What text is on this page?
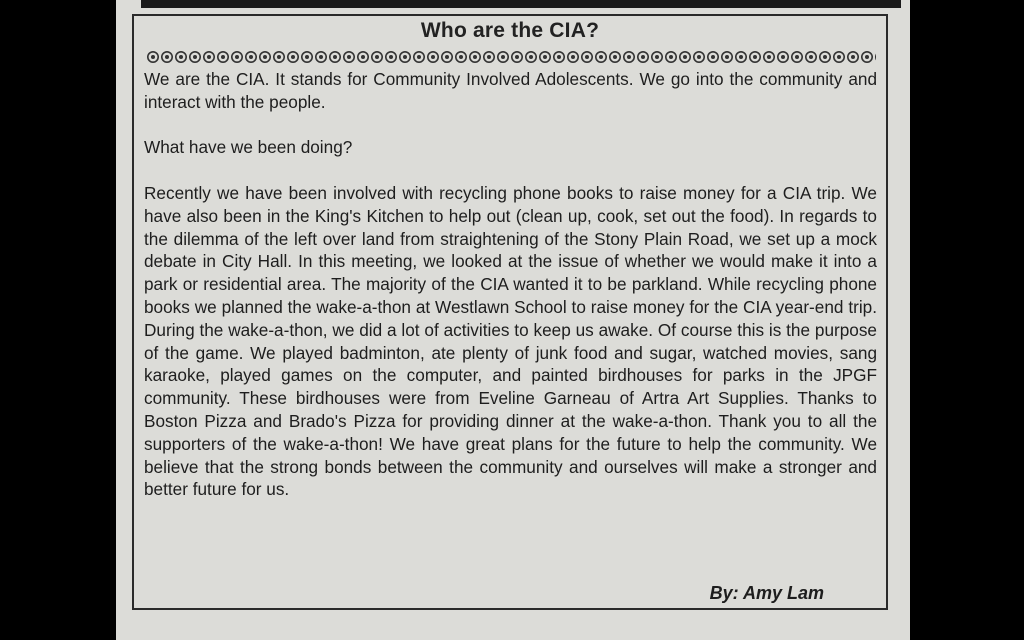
Who are the CIA?

We are the CIA. It stands for Community Involved Adolescents. We go into the community and interact with the people.

What have we been doing?

Recently we have been involved with recycling phone books to raise money for a CIA trip. We have also been in the King's Kitchen to help out (clean up, cook, set out the food). In regards to the dilemma of the left over land from straightening of the Stony Plain Road, we set up a mock debate in City Hall. In this meeting, we looked at the issue of whether we would make it into a park or residential area. The majority of the CIA wanted it to be parkland. While recycling phone books we planned the wake-a-thon at Westlawn School to raise money for the CIA year-end trip. During the wake-a-thon, we did a lot of activities to keep us awake. Of course this is the purpose of the game. We played badminton, ate plenty of junk food and sugar, watched movies, sang karaoke, played games on the computer, and painted birdhouses for parks in the JPGF community. These birdhouses were from Eveline Garneau of Artra Art Supplies. Thanks to Boston Pizza and Brado's Pizza for providing dinner at the wake-a-thon. Thank you to all the supporters of the wake-a-thon! We have great plans for the future to help the community. We believe that the strong bonds between the community and ourselves will make a stronger and better future for us.

By: Amy Lam
